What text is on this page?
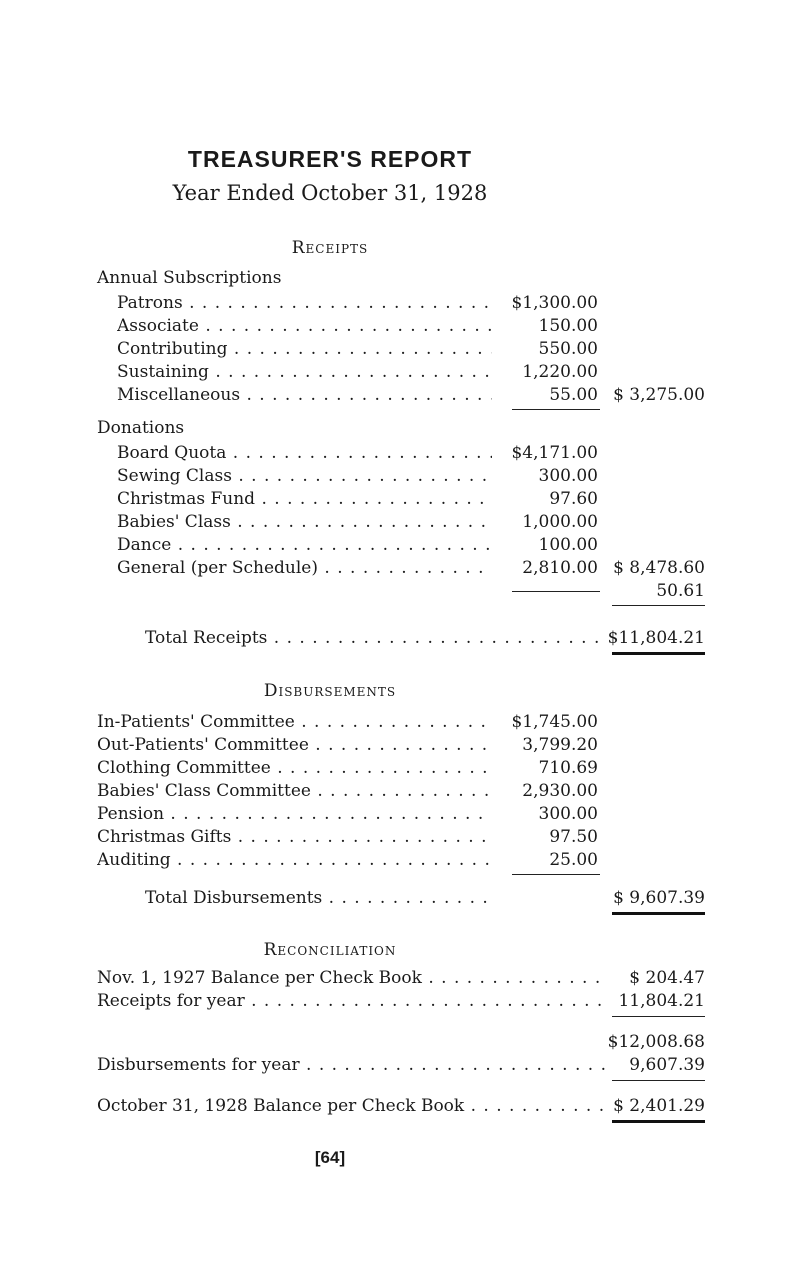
TREASURER'S REPORT
Year Ended October 31, 1928
Receipts
Annual Subscriptions
Patrons . . .	$1,300.00
Associate . . .	150.00
Contributing . . .	550.00
Sustaining . . .	1,220.00
Miscellaneous . . .	55.00 $ 3,275.00
Donations
Board Quota . . .	$4,171.00
Sewing Class . . .	300.00
Christmas Fund . . .	97.60
Babies' Class . . .	1,000.00
Dance . . .	100.00
General (per Schedule) . . .	2,810.00 $ 8,478.60
50.61
Total Receipts . . .	$11,804.21
Disbursements
In-Patients' Committee . . .	$1,745.00
Out-Patients' Committee . . .	3,799.20
Clothing Committee . . .	710.69
Babies' Class Committee . . .	2,930.00
Pension . . .	300.00
Christmas Gifts . . .	97.50
Auditing . . .	25.00
Total Disbursements . . .	$ 9,607.39
Reconciliation
Nov. 1, 1927 Balance per Check Book . . .	$ 204.47
Receipts for year . . .	11,804.21
$12,008.68
Disbursements for year . . .	9,607.39
October 31, 1928 Balance per Check Book . . .	$ 2,401.29
[64]
